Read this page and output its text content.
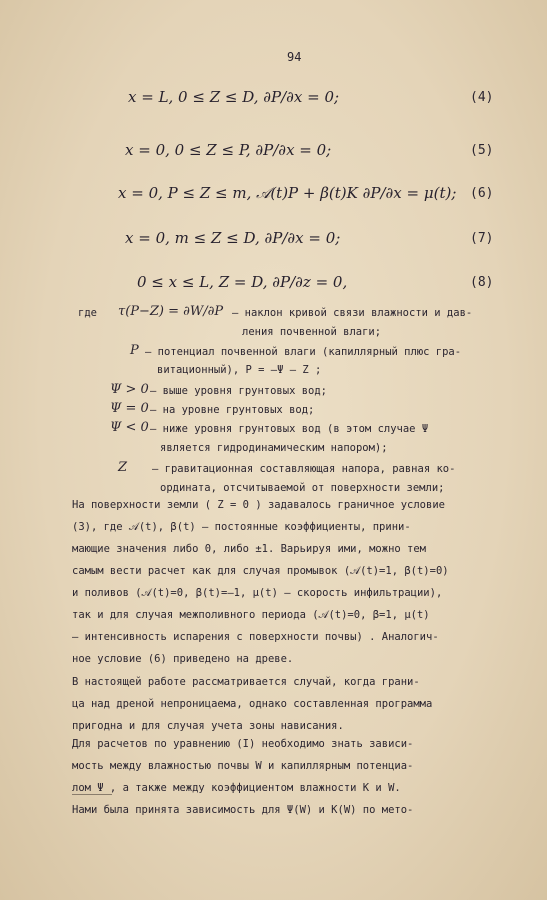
94
x = L, 0 ≤ Z ≤ D, ∂P/∂x = 0;	(4)
x = 0, 0 ≤ Z ≤ P, ∂P/∂x = 0;	(5)
x = 0, P ≤ Z ≤ m, 𝒜(t)P + β(t)K ∂P/∂x = μ(t); (6)
x = 0, m ≤ Z ≤ D, ∂P/∂x = 0;	(7)
0 ≤ x ≤ L, Z = D, ∂P/∂z = 0,	(8)
где τ(P−Z) = ∂W/∂P – наклон кривой связи влажности и дав-
ления почвенной влаги;
P – потенциал почвенной влаги (капиллярный плюс гра-
витационный), P = –Ψ – Z ;
Ψ > 0 – выше уровня грунтовых вод;
Ψ = 0 – на уровне грунтовых вод;
Ψ < 0 – ниже уровня грунтовых вод (в этом случае Ψ
является гидродинамическим напором);
Z – гравитационная составляющая напора, равная ко-
ордината, отсчитываемой от поверхности земли;
На поверхности земли ( Z = 0 ) задавалось граничное условие
(3), где 𝒜(t), β(t) – постоянные коэффициенты, прини-
мающие значения либо 0, либо ±1. Варьируя ими, можно тем
самым вести расчет как для случая промывок (𝒜(t)=1, β(t)=0)
и поливов (𝒜(t)=0, β(t)=–1, μ(t) – скорость инфильтрации),
так и для случая межполивного периода (𝒜(t)=0, β=1, μ(t)
– интенсивность испарения с поверхности почвы) . Аналогич-
ное условие (6) приведено на древе.
В настоящей работе рассматривается случай, когда грани-
ца над дреной непроницаема, однако составленная программа
пригодна и для случая учета зоны нависания.
Для расчетов по уравнению (I) необходимо знать зависи-
мость между влажностью почвы W и капиллярным потенциа-
лом Ψ , а также между коэффициентом влажности K и W.
Нами была принята зависимость для Ψ(W) и K(W) по мето-
